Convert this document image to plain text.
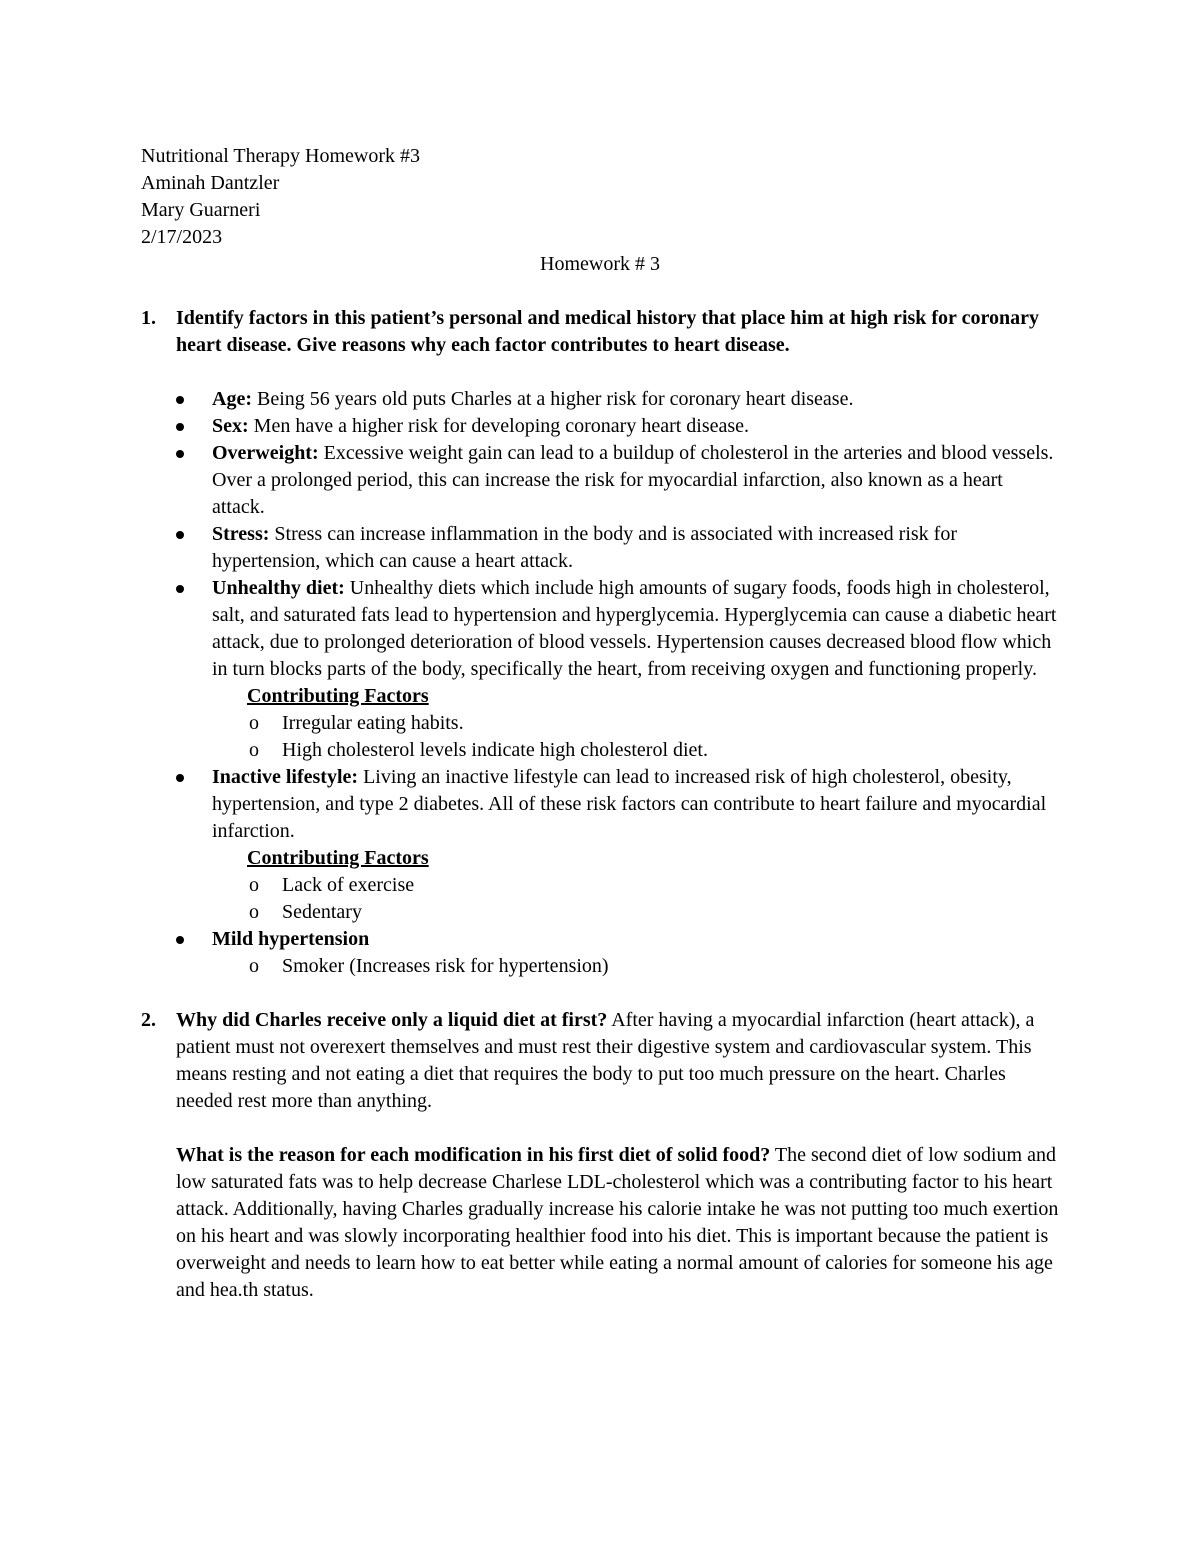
Nutritional Therapy Homework #3
Aminah Dantzler
Mary Guarneri
2/17/2023
Homework # 3
1. Identify factors in this patient’s personal and medical history that place him at high risk for coronary heart disease. Give reasons why each factor contributes to heart disease.
Age: Being 56 years old puts Charles at a higher risk for coronary heart disease.
Sex: Men have a higher risk for developing coronary heart disease.
Overweight: Excessive weight gain can lead to a buildup of cholesterol in the arteries and blood vessels. Over a prolonged period, this can increase the risk for myocardial infarction, also known as a heart attack.
Stress: Stress can increase inflammation in the body and is associated with increased risk for hypertension, which can cause a heart attack.
Unhealthy diet: Unhealthy diets which include high amounts of sugary foods, foods high in cholesterol, salt, and saturated fats lead to hypertension and hyperglycemia. Hyperglycemia can cause a diabetic heart attack, due to prolonged deterioration of blood vessels. Hypertension causes decreased blood flow which in turn blocks parts of the body, specifically the heart, from receiving oxygen and functioning properly.
Contributing Factors
o Irregular eating habits.
o High cholesterol levels indicate high cholesterol diet.
Inactive lifestyle: Living an inactive lifestyle can lead to increased risk of high cholesterol, obesity, hypertension, and type 2 diabetes. All of these risk factors can contribute to heart failure and myocardial infarction.
Contributing Factors
o Lack of exercise
o Sedentary
Mild hypertension
o Smoker (Increases risk for hypertension)
2. Why did Charles receive only a liquid diet at first? After having a myocardial infarction (heart attack), a patient must not overexert themselves and must rest their digestive system and cardiovascular system. This means resting and not eating a diet that requires the body to put too much pressure on the heart. Charles needed rest more than anything.
What is the reason for each modification in his first diet of solid food? The second diet of low sodium and low saturated fats was to help decrease Charlese LDL-cholesterol which was a contributing factor to his heart attack. Additionally, having Charles gradually increase his calorie intake he was not putting too much exertion on his heart and was slowly incorporating healthier food into his diet. This is important because the patient is overweight and needs to learn how to eat better while eating a normal amount of calories for someone his age and hea.th status.
